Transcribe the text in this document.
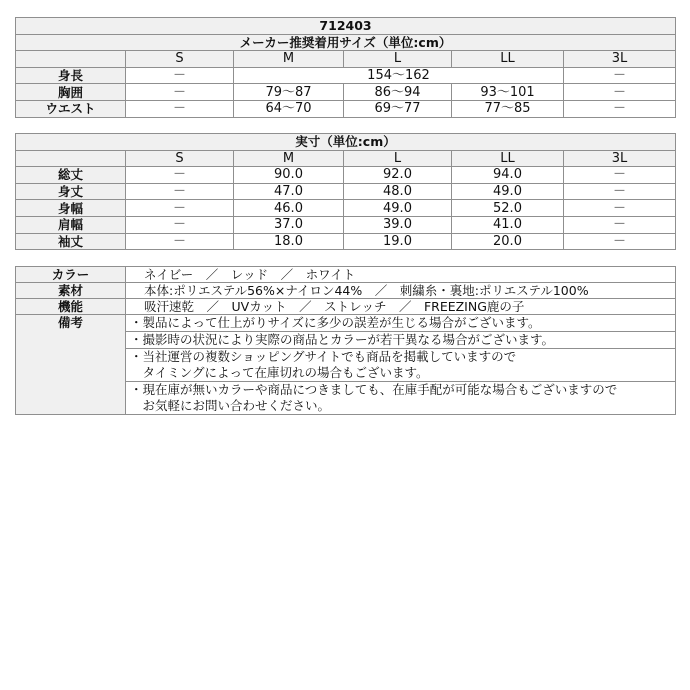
712403					
メーカー推奨着用サイズ（単位:cm）					
	S	M	L	LL	3L
身長	－	154～162			－
胸囲	－	79～87	86～94	93～101	－
ウエスト	－	64～70	69～77	77～85	－
実寸（単位:cm）					
	S	M	L	LL	3L
総丈	－	90.0	92.0	94.0	－
身丈	－	47.0	48.0	49.0	－
身幅	－	46.0	49.0	52.0	－
肩幅	－	37.0	39.0	41.0	－
袖丈	－	18.0	19.0	20.0	－
カラー	ネイビー　／　レッド　／　ホワイト
素材	本体:ポリエステル56%×ナイロン44%　／　刺繍糸・裏地:ポリエステル100%
機能	吸汗速乾　／　UVカット　／　ストレッチ　／　FREEZING鹿の子
備考	・製品によって仕上がりサイズに多少の誤差が生じる場合がございます。

	・撮影時の状況により実際の商品とカラーが若干異なる場合がございます。

	・当社運営の複数ショッピングサイトでも商品を掲載していますので
　タイミングによって在庫切れの場合もございます。

	・現在庫が無いカラーや商品につきましても、在庫手配が可能な場合もございますので
　お気軽にお問い合わせください。
